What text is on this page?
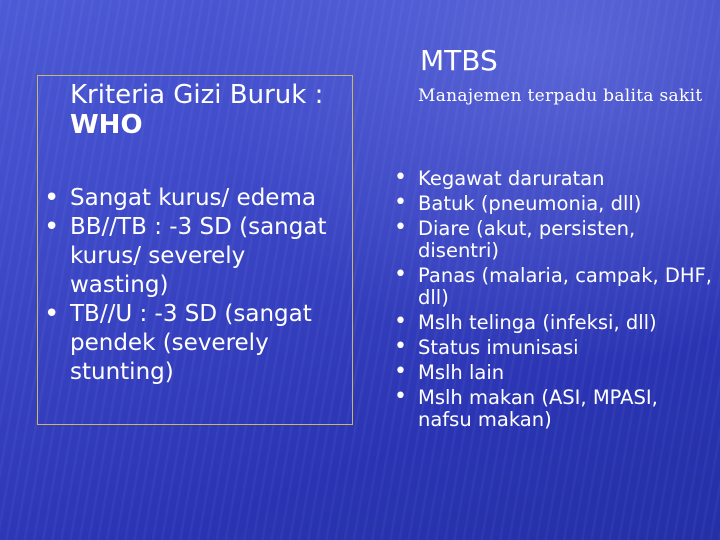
Kriteria Gizi Buruk :
WHO
• Sangat kurus/ edema
• BB//TB : -3 SD (sangat kurus/ severely wasting)
• TB//U : -3 SD (sangat pendek (severely stunting)
MTBS
Manajemen terpadu balita sakit
• Kegawat daruratan
• Batuk (pneumonia, dll)
• Diare (akut, persisten, disentri)
• Panas (malaria, campak, DHF, dll)
• Mslh telinga (infeksi, dll)
• Status imunisasi
• Mslh lain
• Mslh makan (ASI, MPASI, nafsu makan)
